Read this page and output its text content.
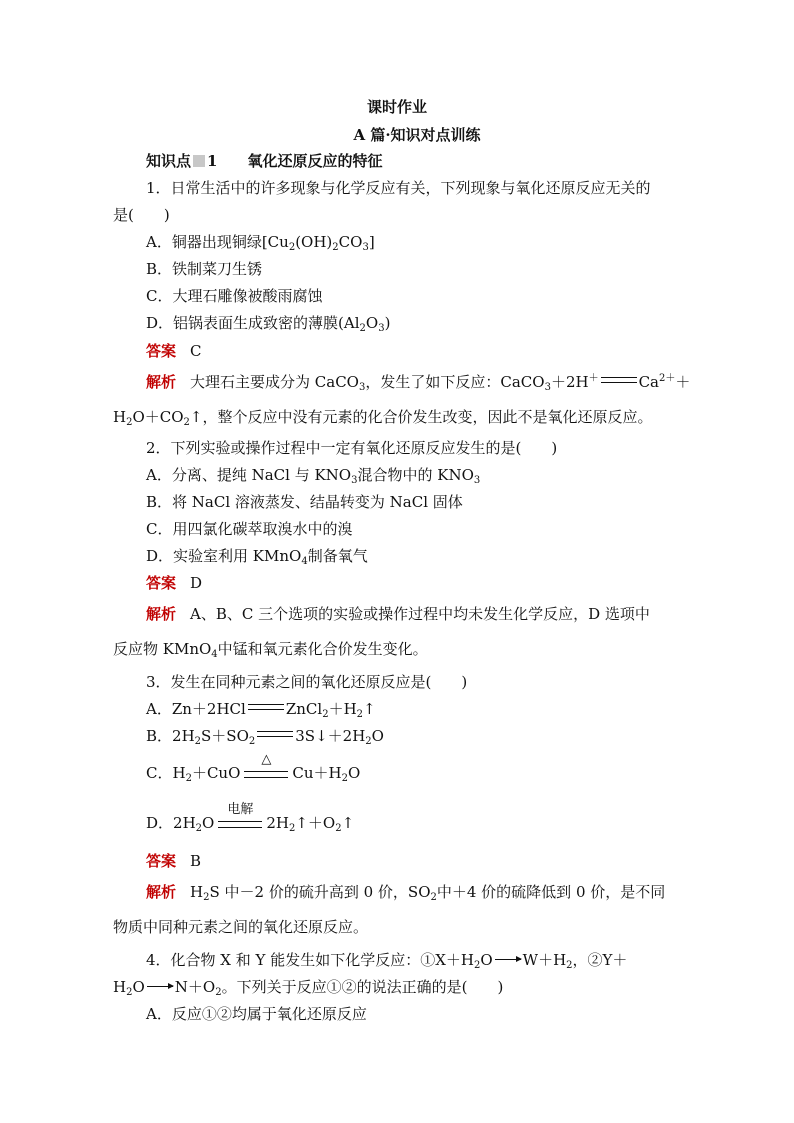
课时作业
A 篇·知识对点训练
知识点 1 氧化还原反应的特征
1．日常生活中的许多现象与化学反应有关，下列现象与氧化还原反应无关的
是(　　)
A．铜器出现铜绿$[Cu_2(OH)_2CO_3]$
B．铁制菜刀生锈
C．大理石雕像被酸雨腐蚀
D．铝锅表面生成致密的薄膜$(Al_2O_3)$
答案 C
解析 大理石主要成分为 CaCO$_3$，发生了如下反应：CaCO$_3$＋2H＋	$Ca^{2+}+$
$H_2O+CO_2↑$，整个反应中没有元素的化合价发生改变，因此不是氧化还原反应。
2．下列实验或操作过程中一定有氧化还原反应发生的是(　　)
A．分离、提纯 NaCl 与 $KNO_3$混合物中的 $KNO_3$
B．将 NaCl 溶液蒸发、结晶转变为 NaCl 固体
C．用四氯化碳萃取溴水中的溴
D．实验室利用 KMnO$_4$制备氧气
答案 D
解析 A、B、C 三个选项的实验或操作过程中均未发生化学反应，D 选项中
反应物 KMnO$_4$中锰和氧元素化合价发生变化。
3．发生在同种元素之间的氧化还原反应是(　　)
A．Zn＋2HCl	$ZnCl_2+H_2↑$
B．$2H_2S+SO_2$	$3S↓+2H_2O$
C．$H_2+CuO$
△
$Cu+H_2O$
D．$2H_2O$
电解
$2H_2↑+O_2↑$
答案 B
解析 $H_2S$ 中－2 价的硫升高到 0 价，$SO_2$中＋4 价的硫降低到 0 价，是不同
物质中同种元素之间的氧化还原反应。
4．化合物 X 和 Y 能发生如下化学反应：$①X+H_2O$ $W+H_2$，②Y＋
$H_2O$ $N+O_2$。下列关于反应①②的说法正确的是(　　)
A．反应①②均属于氧化还原反应
